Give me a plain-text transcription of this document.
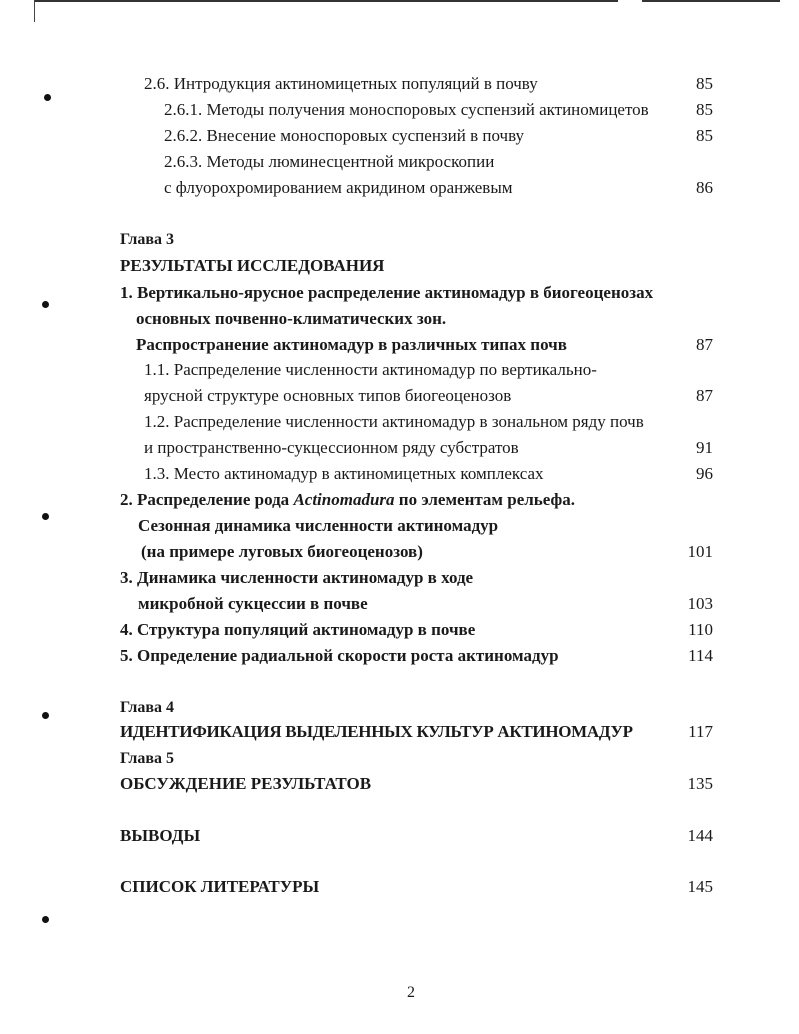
2.6. Интродукция актиномицетных популяций в почву	85
2.6.1. Методы получения моноспоровых суспензий актиномицетов	85
2.6.2. Внесение моноспоровых суспензий в почву	85
2.6.3. Методы люминесцентной микроскопии
с флуорохромированием акридином оранжевым	86
Глава 3
РЕЗУЛЬТАТЫ ИССЛЕДОВАНИЯ
1. Вертикально-ярусное распределение актиномадур в биогеоценозах
основных почвенно-климатических зон.
Распространение актиномадур в различных типах почв	87
1.1. Распределение численности актиномадур по вертикально-
ярусной структуре основных типов биогеоценозов	87
1.2. Распределение численности актиномадур в зональном ряду почв
и пространственно-сукцессионном ряду субстратов	91
1.3. Место актиномадур в актиномицетных комплексах	96
2. Распределение рода Actinomadura по элементам рельефа.
Сезонная динамика численности актиномадур
(на примере луговых биогеоценозов)	101
3. Динамика численности актиномадур в ходе
микробной сукцессии в почве	103
4. Структура популяций актиномадур в почве	110
5. Определение радиальной скорости роста актиномадур	114
Глава 4
ИДЕНТИФИКАЦИЯ ВЫДЕЛЕННЫХ КУЛЬТУР АКТИНОМАДУР	117
Глава 5
ОБСУЖДЕНИЕ РЕЗУЛЬТАТОВ	135
ВЫВОДЫ	144
СПИСОК ЛИТЕРАТУРЫ	145
2
